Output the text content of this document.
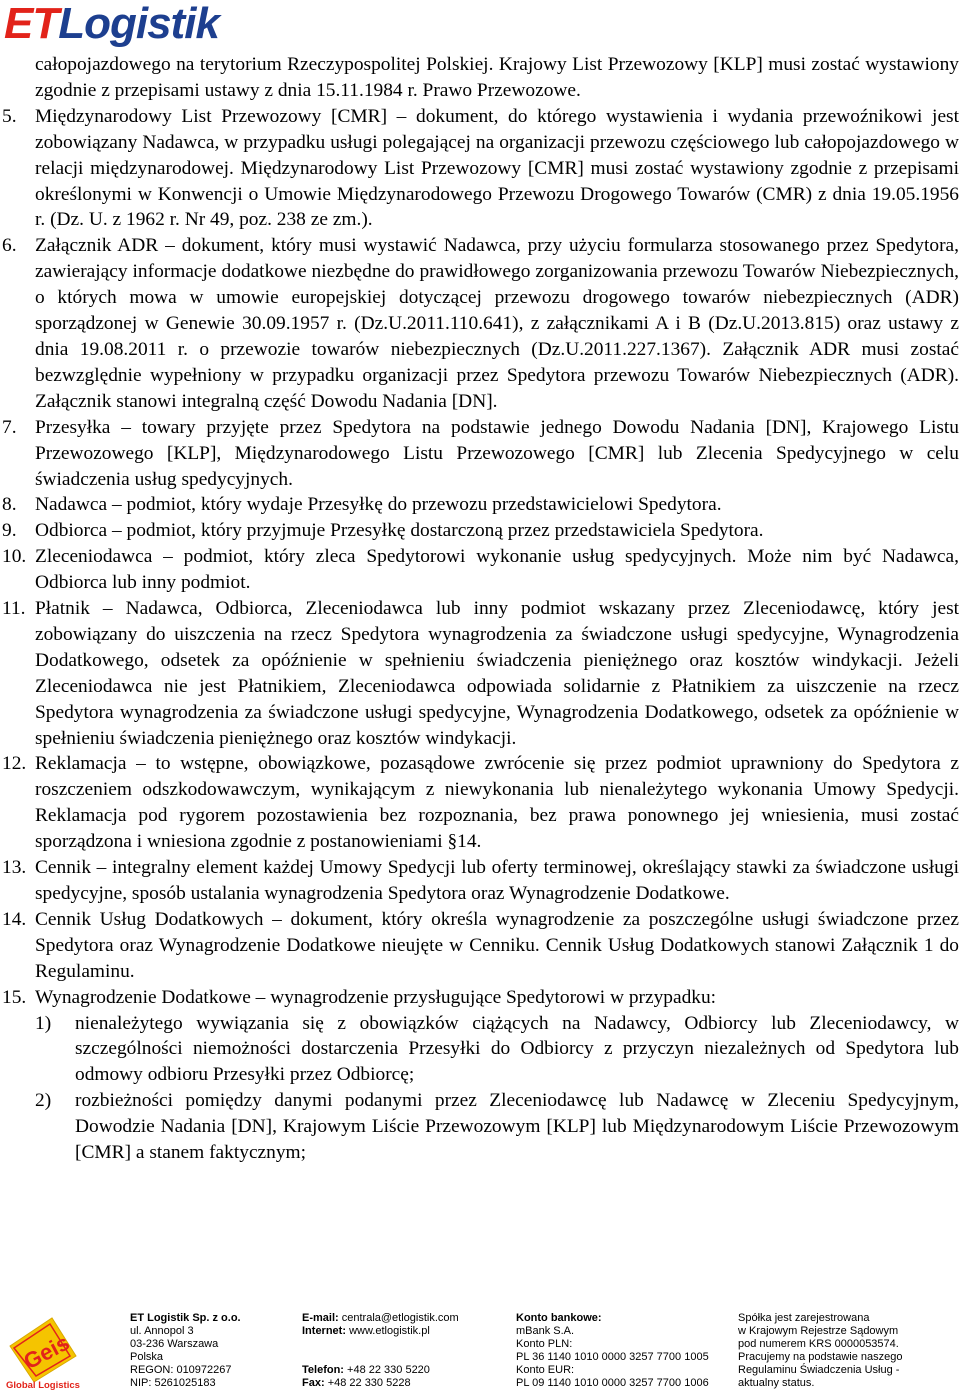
ETLogistik
całopojazdowego na terytorium Rzeczypospolitej Polskiej. Krajowy List Przewozowy [KLP] musi zostać wystawiony zgodnie z przepisami ustawy z dnia 15.11.1984 r. Prawo Przewozowe.
5. Międzynarodowy List Przewozowy [CMR] – dokument, do którego wystawienia i wydania przewoźnikowi jest zobowiązany Nadawca, w przypadku usługi polegającej na organizacji przewozu częściowego lub całopojazdowego w relacji międzynarodowej. Międzynarodowy List Przewozowy [CMR] musi zostać wystawiony zgodnie z przepisami określonymi w Konwencji o Umowie Międzynarodowego Przewozu Drogowego Towarów (CMR) z dnia 19.05.1956 r. (Dz. U. z 1962 r. Nr 49, poz. 238 ze zm.).
6. Załącznik ADR – dokument, który musi wystawić Nadawca, przy użyciu formularza stosowanego przez Spedytora, zawierający informacje dodatkowe niezbędne do prawidłowego zorganizowania przewozu Towarów Niebezpiecznych, o których mowa w umowie europejskiej dotyczącej przewozu drogowego towarów niebezpiecznych (ADR) sporządzonej w Genewie 30.09.1957 r. (Dz.U.2011.110.641), z załącznikami A i B (Dz.U.2013.815) oraz ustawy z dnia 19.08.2011 r. o przewozie towarów niebezpiecznych (Dz.U.2011.227.1367). Załącznik ADR musi zostać bezwzględnie wypełniony w przypadku organizacji przez Spedytora przewozu Towarów Niebezpiecznych (ADR). Załącznik stanowi integralną część Dowodu Nadania [DN].
7. Przesyłka – towary przyjęte przez Spedytora na podstawie jednego Dowodu Nadania [DN], Krajowego Listu Przewozowego [KLP], Międzynarodowego Listu Przewozowego [CMR] lub Zlecenia Spedycyjnego w celu świadczenia usług spedycyjnych.
8. Nadawca – podmiot, który wydaje Przesyłkę do przewozu przedstawicielowi Spedytora.
9. Odbiorca – podmiot, który przyjmuje Przesyłkę dostarczoną przez przedstawiciela Spedytora.
10. Zleceniodawca – podmiot, który zleca Spedytorowi wykonanie usług spedycyjnych. Może nim być Nadawca, Odbiorca lub inny podmiot.
11. Płatnik – Nadawca, Odbiorca, Zleceniodawca lub inny podmiot wskazany przez Zleceniodawcę, który jest zobowiązany do uiszczenia na rzecz Spedytora wynagrodzenia za świadczone usługi spedycyjne, Wynagrodzenia Dodatkowego, odsetek za opóźnienie w spełnieniu świadczenia pieniężnego oraz kosztów windykacji. Jeżeli Zleceniodawca nie jest Płatnikiem, Zleceniodawca odpowiada solidarnie z Płatnikiem za uiszczenie na rzecz Spedytora wynagrodzenia za świadczone usługi spedycyjne, Wynagrodzenia Dodatkowego, odsetek za opóźnienie w spełnieniu świadczenia pieniężnego oraz kosztów windykacji.
12. Reklamacja – to wstępne, obowiązkowe, pozasądowe zwrócenie się przez podmiot uprawniony do Spedytora z roszczeniem odszkodowawczym, wynikającym z niewykonania lub nienależytego wykonania Umowy Spedycji. Reklamacja pod rygorem pozostawienia bez rozpoznania, bez prawa ponownego jej wniesienia, musi zostać sporządzona i wniesiona zgodnie z postanowieniami §14.
13. Cennik – integralny element każdej Umowy Spedycji lub oferty terminowej, określający stawki za świadczone usługi spedycyjne, sposób ustalania wynagrodzenia Spedytora oraz Wynagrodzenie Dodatkowe.
14. Cennik Usług Dodatkowych – dokument, który określa wynagrodzenie za poszczególne usługi świadczone przez Spedytora oraz Wynagrodzenie Dodatkowe nieujęte w Cenniku. Cennik Usług Dodatkowych stanowi Załącznik 1 do Regulaminu.
15. Wynagrodzenie Dodatkowe – wynagrodzenie przysługujące Spedytorowi w przypadku:
1) nienależytego wywiązania się z obowiązków ciążących na Nadawcy, Odbiorcy lub Zleceniodawcy, w szczególności niemożności dostarczenia Przesyłki do Odbiorcy z przyczyn niezależnych od Spedytora lub odmowy odbioru Przesyłki przez Odbiorcę;
2) rozbieżności pomiędzy danymi podanymi przez Zleceniodawcę lub Nadawcę w Zleceniu Spedycyjnym, Dowodzie Nadania [DN], Krajowym Liście Przewozowym [KLP] lub Międzynarodowym Liście Przewozowym [CMR] a stanem faktycznym;
Geis
Global Logistics
ET Logistik Sp. z o.o.
ul. Annopol 3
03-236 Warszawa
Polska
REGON: 010972267
NIP: 5261025183
E-mail: centrala@etlogistik.com
Internet: www.etlogistik.pl

Telefon: +48 22 330 5220
Fax: +48 22 330 5228
Konto bankowe:
mBank S.A.
Konto PLN:
PL 36 1140 1010 0000 3257 7700 1005
Konto EUR:
PL 09 1140 1010 0000 3257 7700 1006
Spółka jest zarejestrowana
w Krajowym Rejestrze Sądowym
pod numerem KRS 0000053574.
Pracujemy na podstawie naszego
Regulaminu Świadczenia Usług -
aktualny status.
